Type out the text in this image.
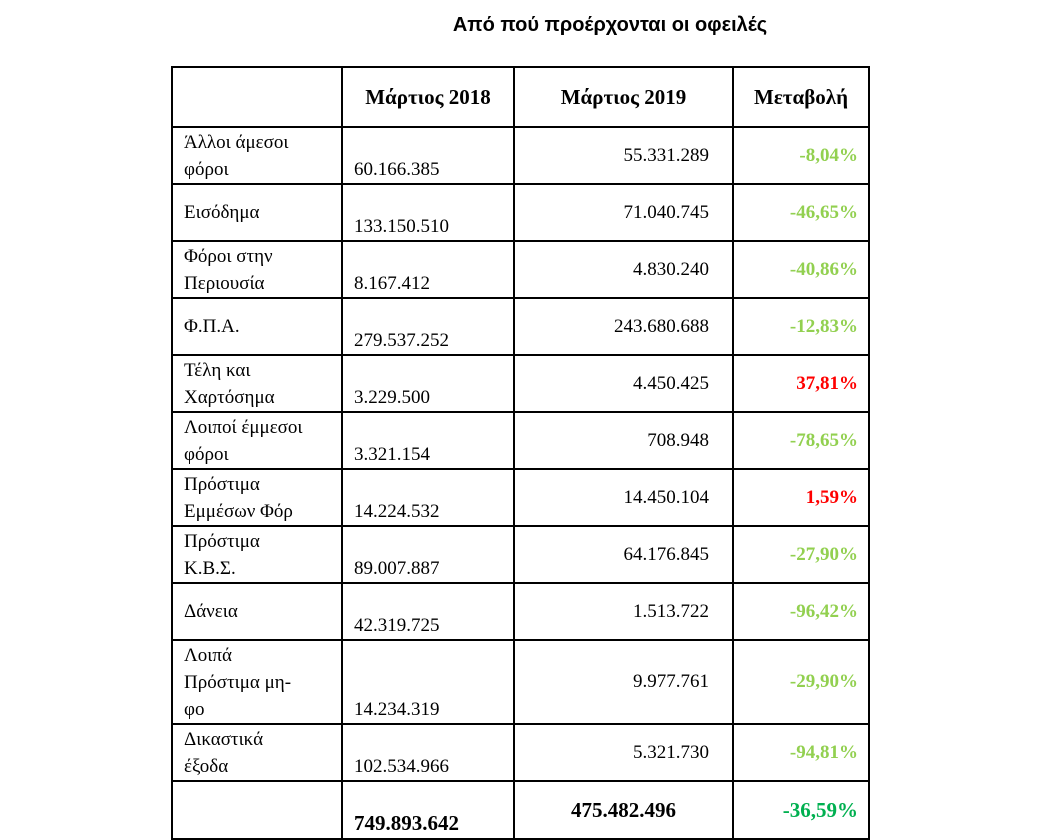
Από πού προέρχονται οι οφειλές
	Μάρτιος 2018	Μάρτιος 2019	Μεταβολή

Άλλοι άμεσοι
φόροι	60.166.385	55.331.289	-8,04%

Εισόδημα	133.150.510	71.040.745	-46,65%

Φόροι στην
Περιουσία	8.167.412	4.830.240	-40,86%

Φ.Π.Α.	279.537.252	243.680.688	-12,83%

Τέλη και
Χαρτόσημα	3.229.500	4.450.425	37,81%

Λοιποί έμμεσοι
φόροι	3.321.154	708.948	-78,65%

Πρόστιμα
Εμμέσων Φόρ	14.224.532	14.450.104	1,59%

Πρόστιμα
Κ.Β.Σ.	89.007.887	64.176.845	-27,90%

Δάνεια	42.319.725	1.513.722	-96,42%

Λοιπά
Πρόστιμα μη-
φο	14.234.319	9.977.761	-29,90%

Δικαστικά
έξοδα	102.534.966	5.321.730	-94,81%
	749.893.642	475.482.496	-36,59%
